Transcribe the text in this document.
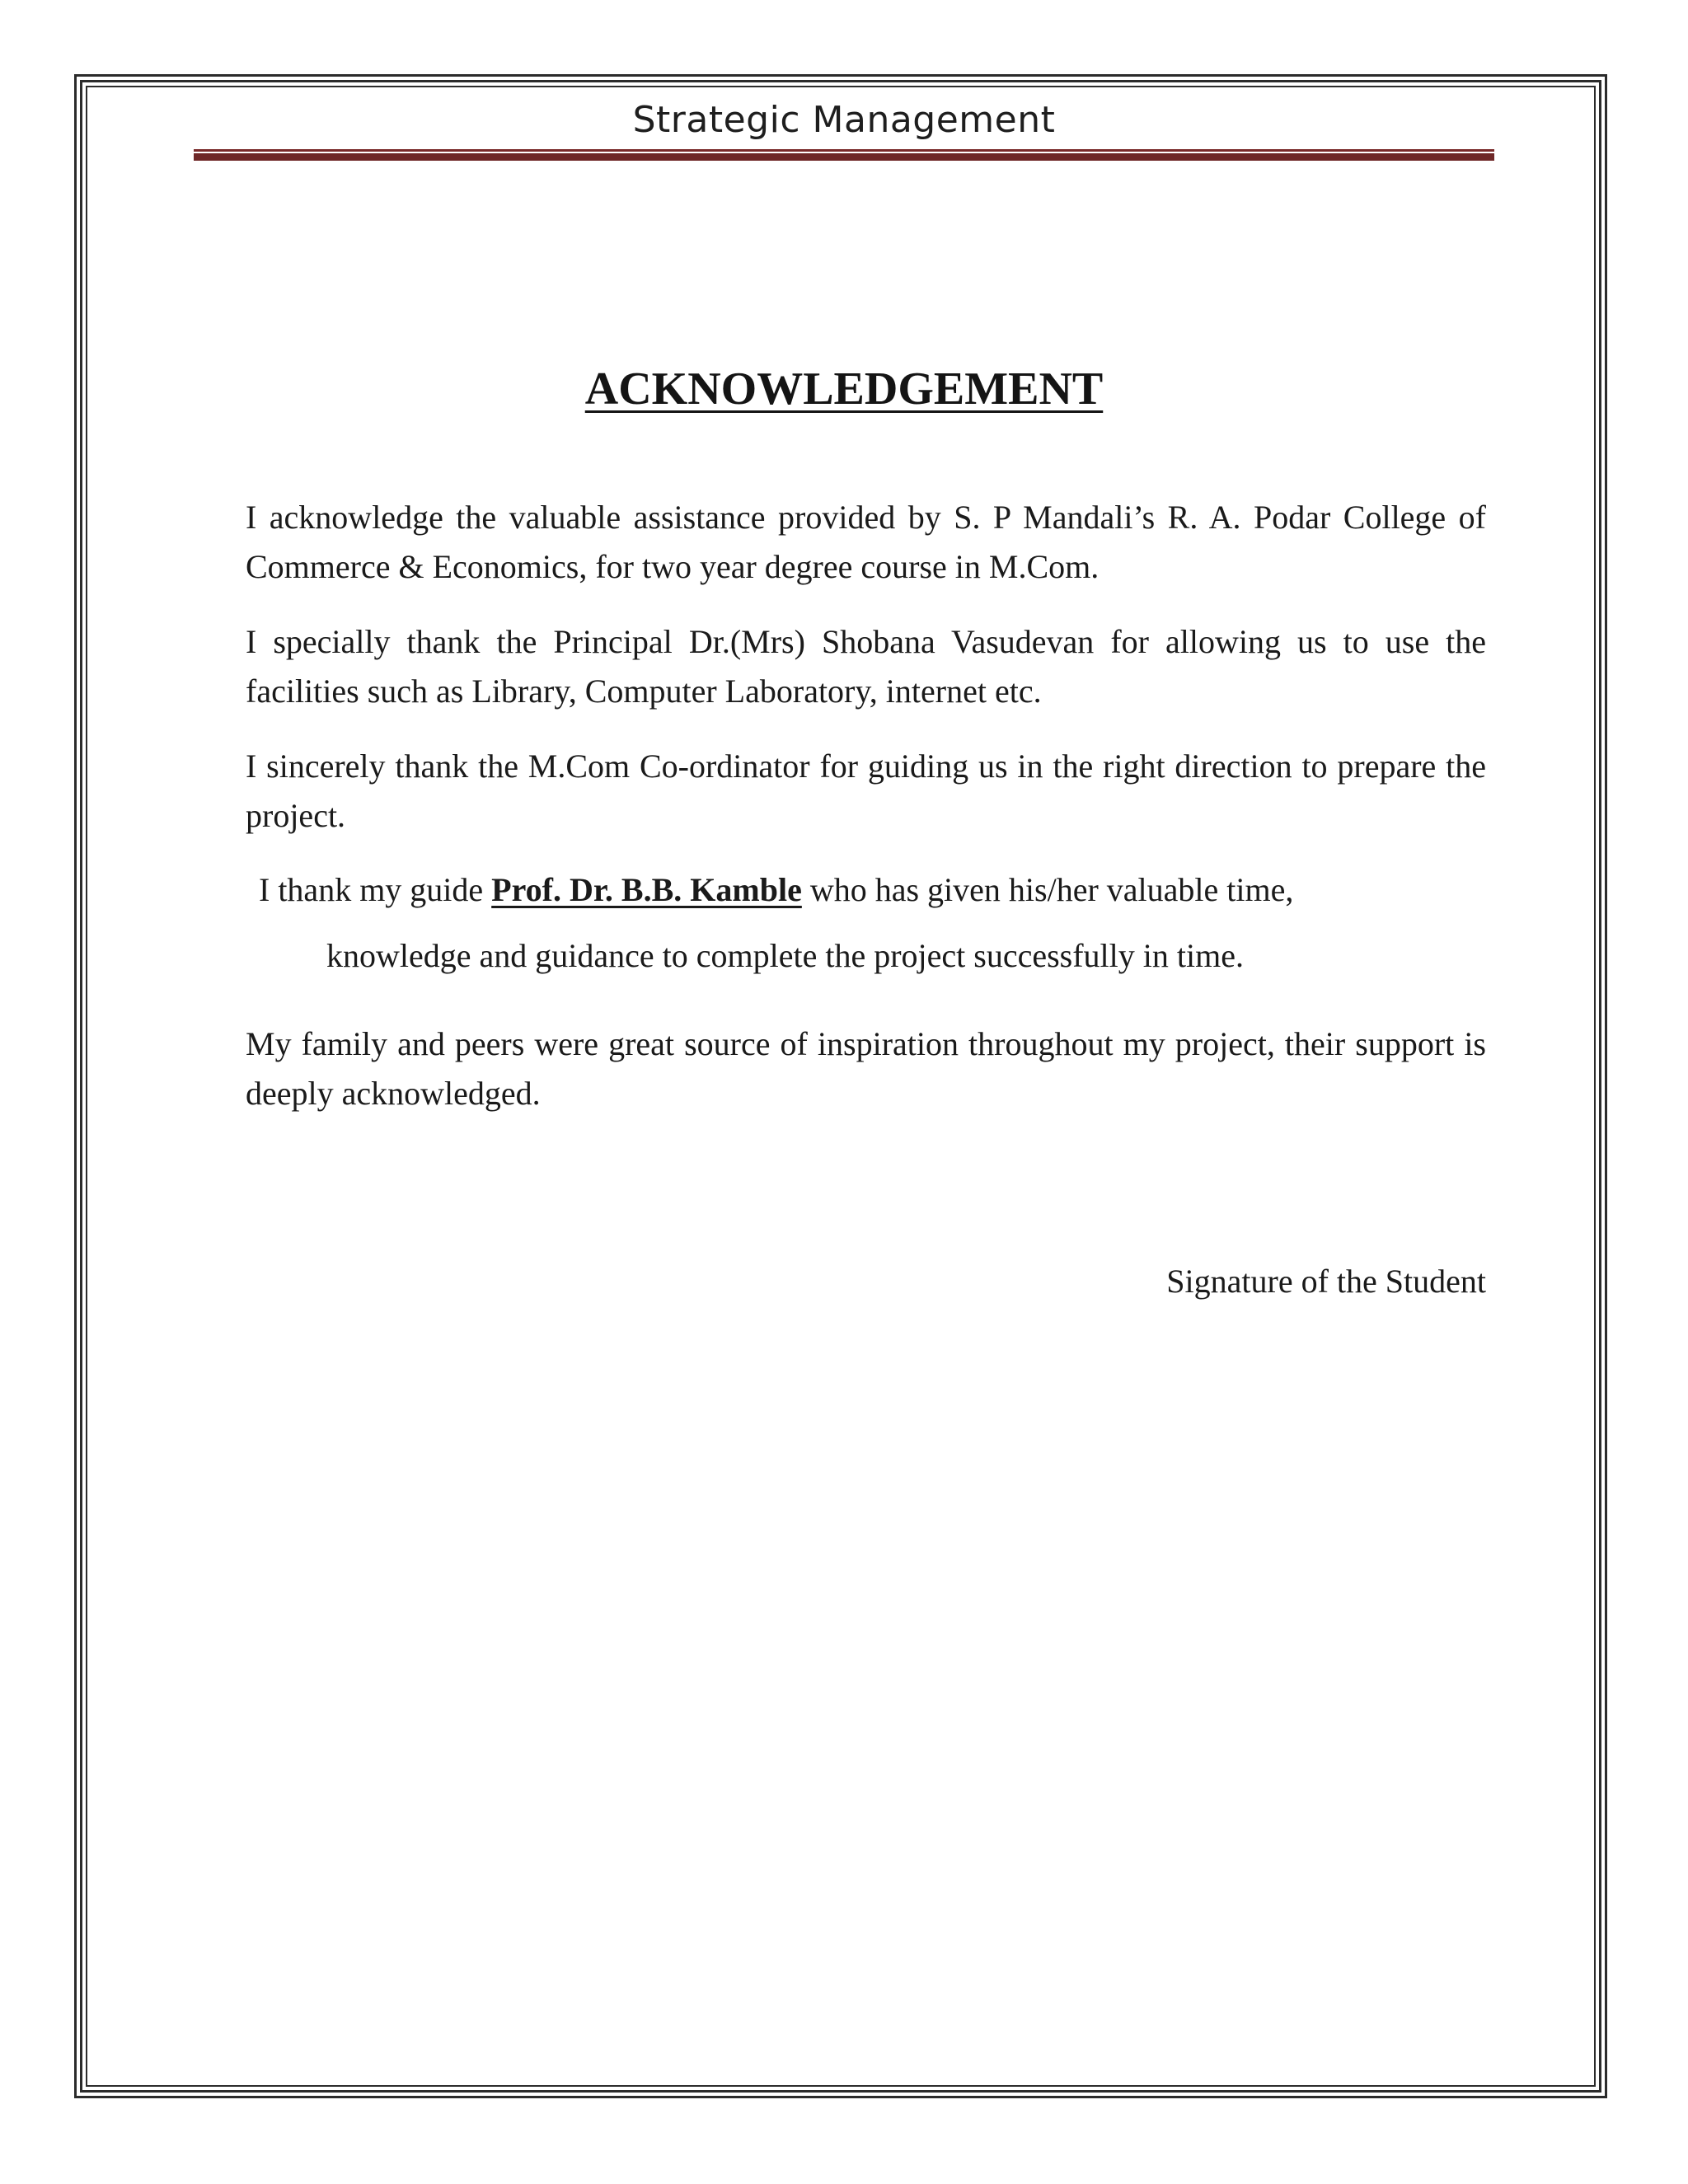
Strategic Management
ACKNOWLEDGEMENT
I acknowledge the valuable assistance provided by S. P Mandali’s R. A. Podar College of Commerce & Economics, for two year degree course in M.Com.
I specially thank the Principal Dr.(Mrs) Shobana Vasudevan for allowing us to use the facilities such as Library, Computer Laboratory, internet etc.
I sincerely thank the M.Com Co-ordinator for guiding us in the right direction to prepare the project.
I thank my guide Prof. Dr. B.B. Kamble who has given his/her valuable time,
knowledge and guidance to complete the project successfully in time.
My family and peers were great source of inspiration throughout my project, their support is deeply acknowledged.
Signature of the Student
